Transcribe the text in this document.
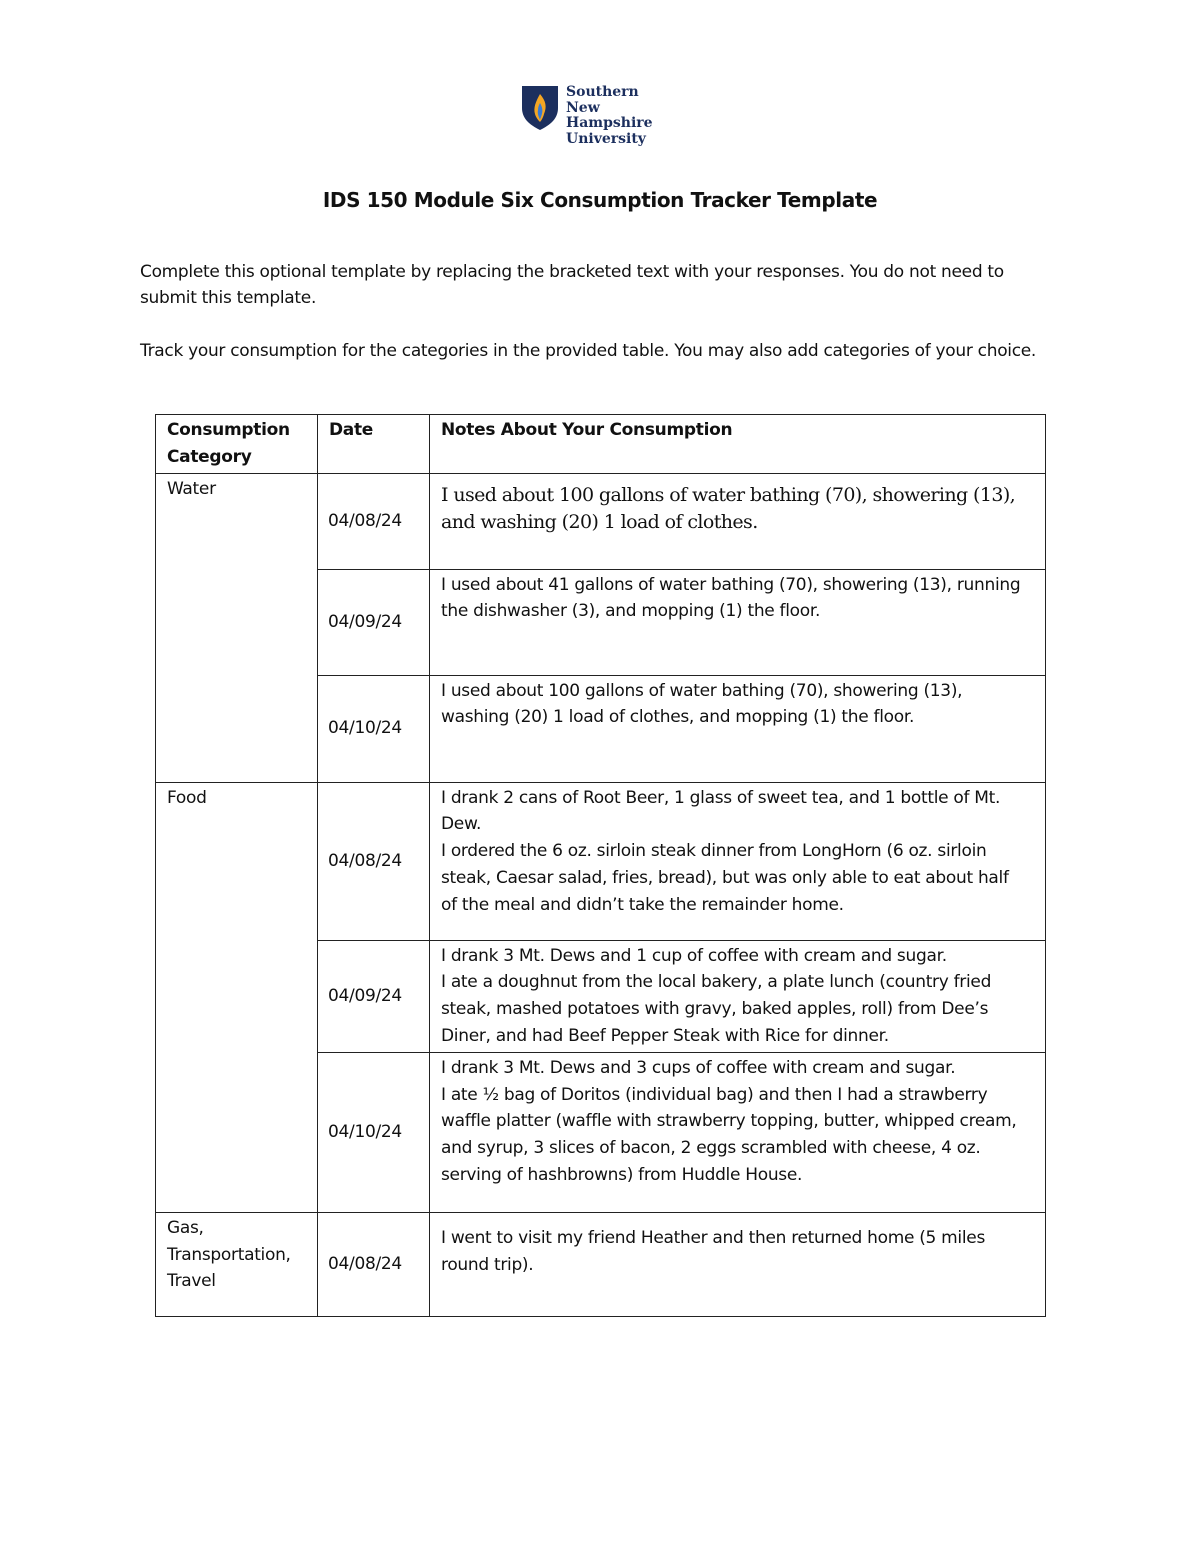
Southern
New Hampshire
University
IDS 150 Module Six Consumption Tracker Template
Complete this optional template by replacing the bracketed text with your responses. You do not need to submit this template.
Track your consumption for the categories in the provided table. You may also add categories of your choice.
Consumption Category	Date	Notes About Your Consumption
Water	04/08/24	I used about 100 gallons of water bathing (70), showering (13), and washing (20) 1 load of clothes.

	04/09/24	I used about 41 gallons of water bathing (70), showering (13), running the dishwasher (3), and mopping (1) the floor.

	04/10/24	I used about 100 gallons of water bathing (70), showering (13), washing (20) 1 load of clothes, and mopping (1) the floor.

Food	04/08/24	I drank 2 cans of Root Beer, 1 glass of sweet tea, and 1 bottle of Mt. Dew.
I ordered the 6 oz. sirloin steak dinner from LongHorn (6 oz. sirloin steak, Caesar salad, fries, bread), but was only able to eat about half of the meal and didn’t take the remainder home.

	04/09/24	I drank 3 Mt. Dews and 1 cup of coffee with cream and sugar.
I ate a doughnut from the local bakery, a plate lunch (country fried steak, mashed potatoes with gravy, baked apples, roll) from Dee’s Diner, and had Beef Pepper Steak with Rice for dinner.

	04/10/24	I drank 3 Mt. Dews and 3 cups of coffee with cream and sugar.
I ate ½ bag of Doritos (individual bag) and then I had a strawberry waffle platter (waffle with strawberry topping, butter, whipped cream, and syrup, 3 slices of bacon, 2 eggs scrambled with cheese, 4 oz. serving of hashbrowns) from Huddle House.

Gas,
Transportation,
Travel	04/08/24	I went to visit my friend Heather and then returned home (5 miles round trip).
